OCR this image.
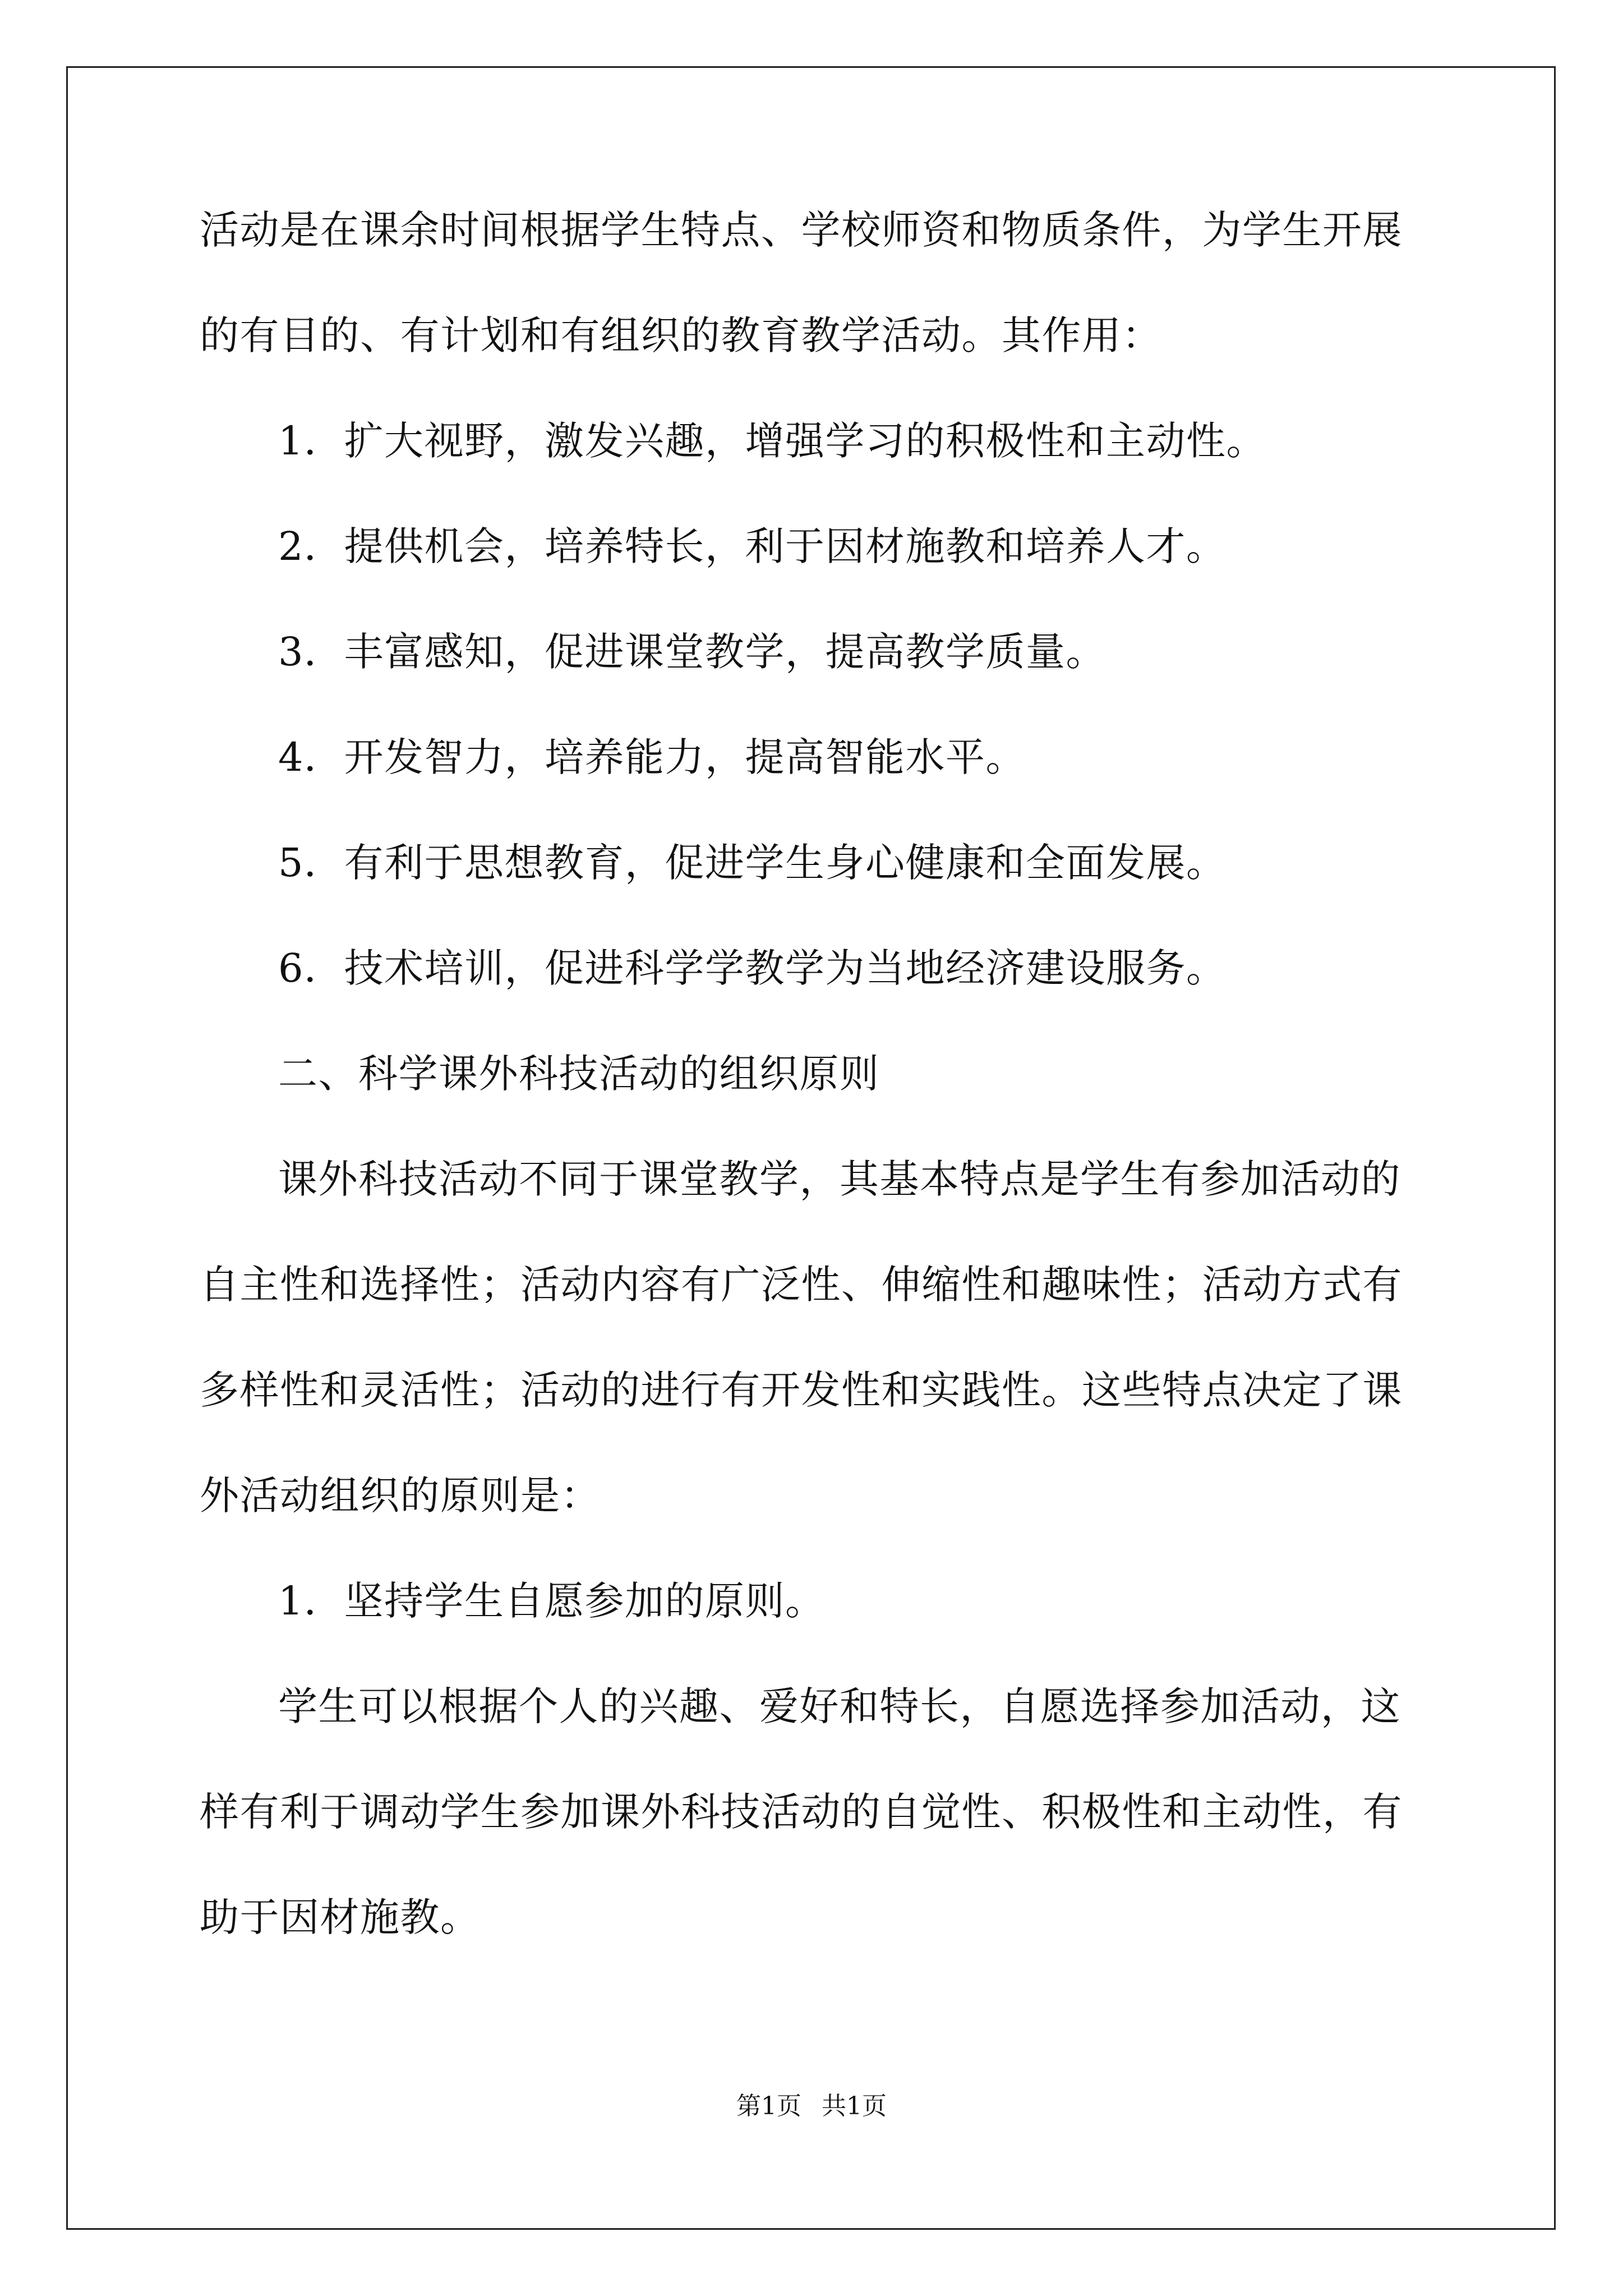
活动是在课余时间根据学生特点、学校师资和物质条件，为学生开展
的有目的、有计划和有组织的教育教学活动。其作用：
1．扩大视野，激发兴趣，增强学习的积极性和主动性。
2．提供机会，培养特长，利于因材施教和培养人才。
3．丰富感知，促进课堂教学，提高教学质量。
4．开发智力，培养能力，提高智能水平。
5．有利于思想教育，促进学生身心健康和全面发展。
6．技术培训，促进科学学教学为当地经济建设服务。
二、科学课外科技活动的组织原则
课外科技活动不同于课堂教学，其基本特点是学生有参加活动的
自主性和选择性；活动内容有广泛性、伸缩性和趣味性；活动方式有
多样性和灵活性；活动的进行有开发性和实践性。这些特点决定了课
外活动组织的原则是：
1．坚持学生自愿参加的原则。
学生可以根据个人的兴趣、爱好和特长，自愿选择参加活动，这
样有利于调动学生参加课外科技活动的自觉性、积极性和主动性，有
助于因材施教。
第1页 共1页
